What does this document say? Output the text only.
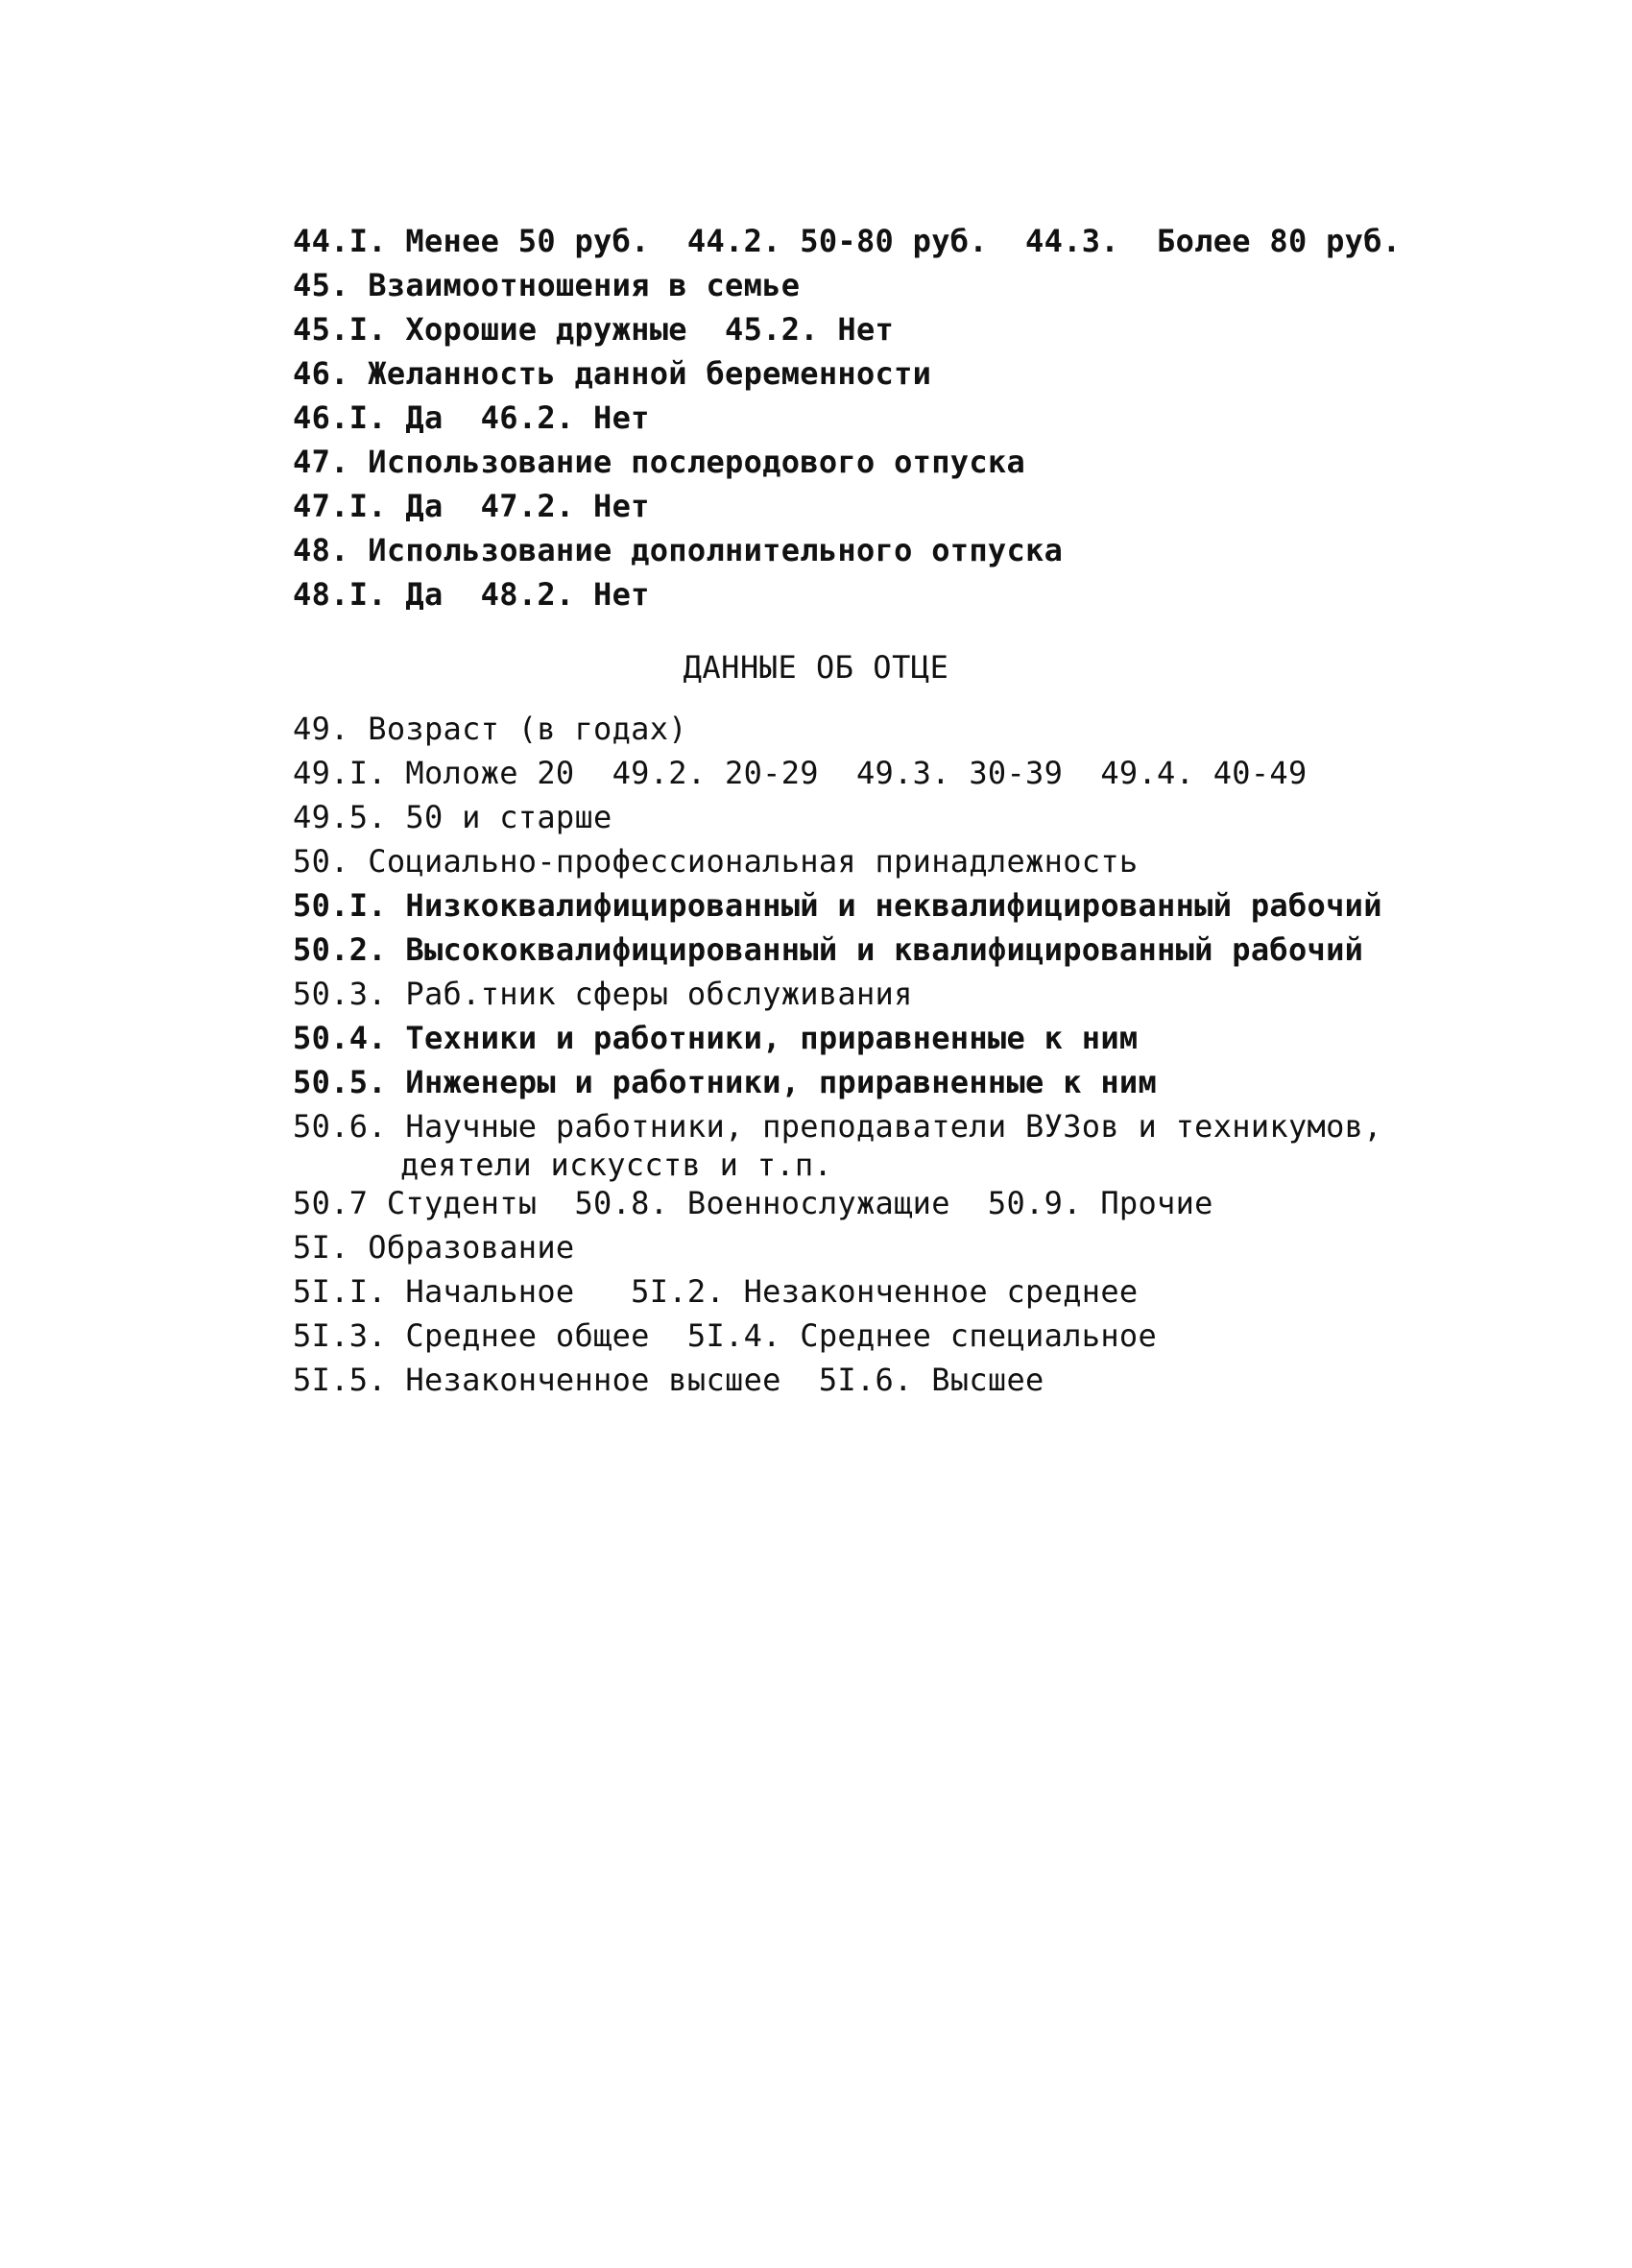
44.I. Менее 50 руб.  44.2. 50-80 руб.  44.3.  Более 80 руб.
45. Взаимоотношения в семье
45.I. Хорошие дружные  45.2. Нет
46. Желанность данной беременности
46.I. Да  46.2. Нет
47. Использование послеродового отпуска
47.I. Да  47.2. Нет
48. Использование дополнительного отпуска
48.I. Да  48.2. Нет
ДАННЫЕ ОБ ОТЦЕ
49. Возраст (в годах)
49.I. Моложе 20  49.2. 20-29  49.3. 30-39  49.4. 40-49
49.5. 50 и старше
50. Социально-профессиональная принадлежность
50.I. Низкоквалифицированный и неквалифицированный рабочий
50.2. Высококвалифицированный и квалифицированный рабочий
50.3. Раб.тник сферы обслуживания
50.4. Техники и работники, приравненные к ним
50.5. Инженеры и работники, приравненные к ним
50.6. Научные работники, преподаватели ВУЗов и техникумов,
деятели искусств и т.п.
50.7 Студенты  50.8. Военнослужащие  50.9. Прочие
5I. Образование
5I.I. Начальное   5I.2. Незаконченное среднее
5I.3. Среднее общее  5I.4. Среднее специальное
5I.5. Незаконченное высшее  5I.6. Высшее
